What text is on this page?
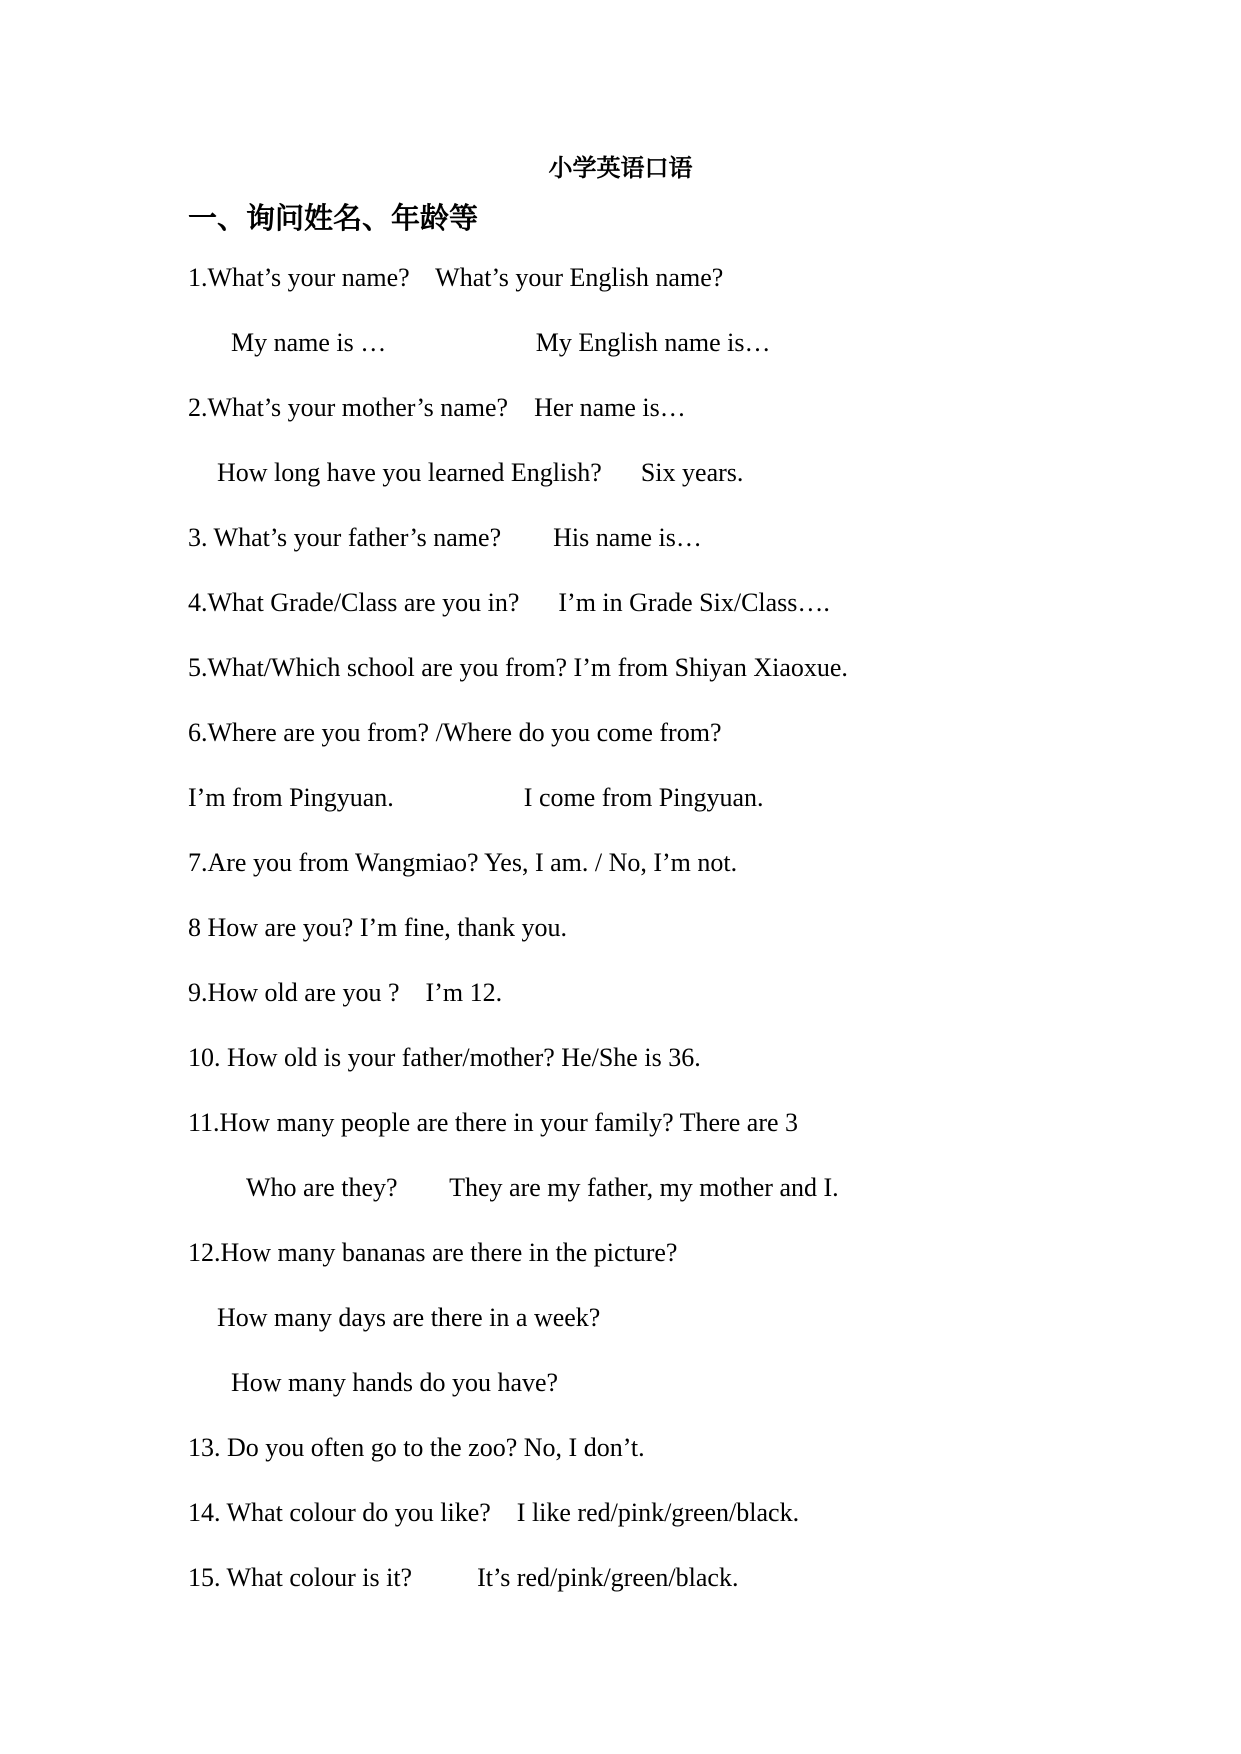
小学英语口语
一、询问姓名、年龄等

1.What’s your name?    What’s your English name?

My name is …                       My English name is…

2.What’s your mother’s name?    Her name is…

How long have you learned English?      Six years.

3. What’s your father’s name?        His name is…

4.What Grade/Class are you in?      I’m in Grade Six/Class….

5.What/Which school are you from? I’m from Shiyan Xiaoxue.

6.Where are you from? /Where do you come from?

I’m from Pingyuan.                    I come from Pingyuan.

7.Are you from Wangmiao? Yes, I am. / No, I’m not.

8 How are you? I’m fine, thank you.

9.How old are you ?    I’m 12.

10. How old is your father/mother? He/She is 36.

11.How many people are there in your family? There are 3

Who are they?        They are my father, my mother and I.

12.How many bananas are there in the picture?

How many days are there in a week?

How many hands do you have?

13. Do you often go to the zoo? No, I don’t.

14. What colour do you like?    I like red/pink/green/black.

15. What colour is it?          It’s red/pink/green/black.
